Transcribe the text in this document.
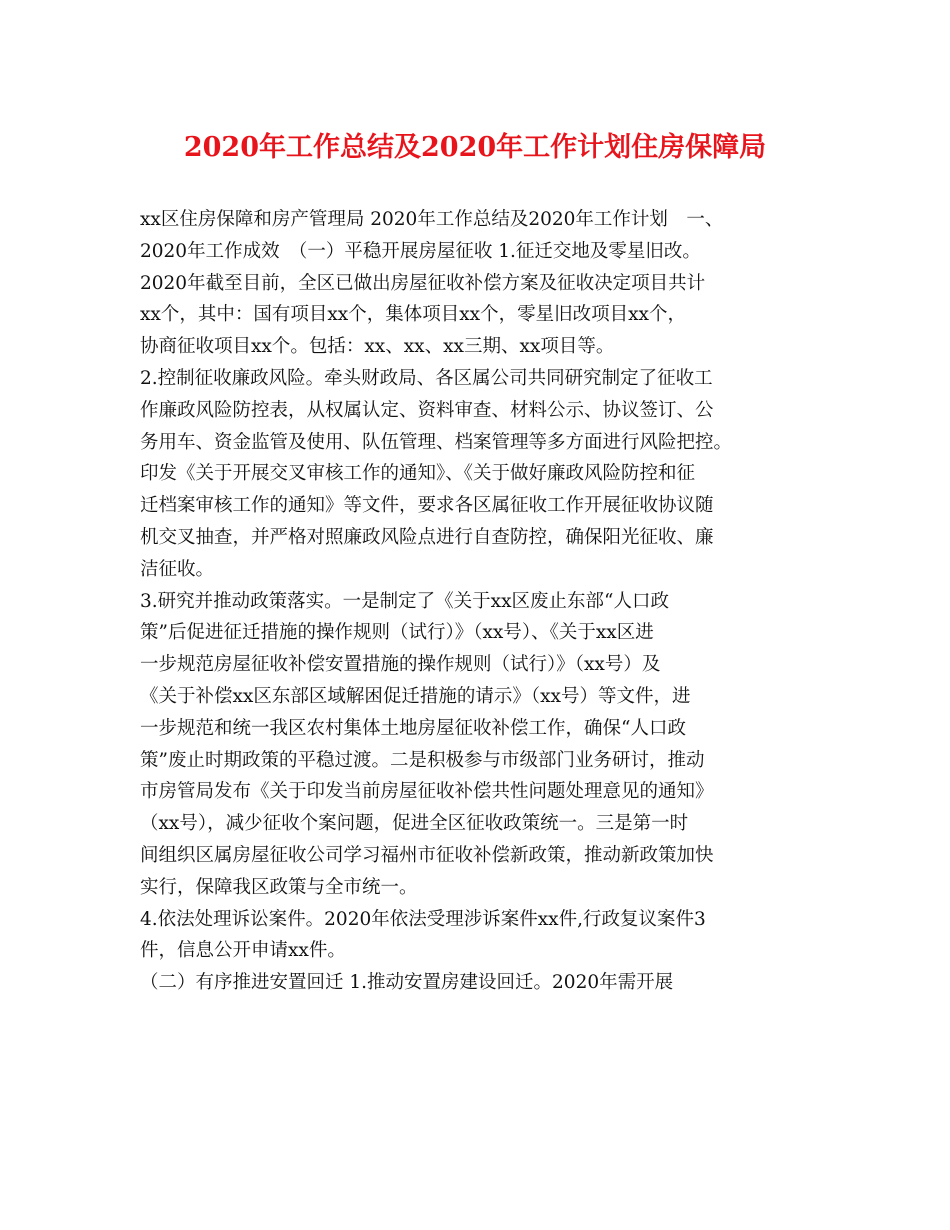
2020年工作总结及2020年工作计划住房保障局
xx区住房保障和房产管理局 2020年工作总结及2020年工作计划　一、
2020年工作成效　（一）平稳开展房屋征收 1.征迁交地及零星旧改。
2020年截至目前，全区已做出房屋征收补偿方案及征收决定项目共计
xx个，其中：国有项目xx个，集体项目xx个，零星旧改项目xx个，
协商征收项目xx个。包括：xx、xx、xx三期、xx项目等。
2.控制征收廉政风险。牵头财政局、各区属公司共同研究制定了征收工
作廉政风险防控表，从权属认定、资料审查、材料公示、协议签订、公
务用车、资金监管及使用、队伍管理、档案管理等多方面进行风险把控。
印发《关于开展交叉审核工作的通知》、《关于做好廉政风险防控和征
迁档案审核工作的通知》等文件，要求各区属征收工作开展征收协议随
机交叉抽查，并严格对照廉政风险点进行自查防控，确保阳光征收、廉
洁征收。
3.研究并推动政策落实。一是制定了《关于xx区废止东部“人口政
策”后促进征迁措施的操作规则（试行）》（xx号）、《关于xx区进
一步规范房屋征收补偿安置措施的操作规则（试行）》（xx号）及
《关于补偿xx区东部区域解困促迁措施的请示》（xx号）等文件，进
一步规范和统一我区农村集体土地房屋征收补偿工作，确保“人口政
策”废止时期政策的平稳过渡。二是积极参与市级部门业务研讨，推动
市房管局发布《关于印发当前房屋征收补偿共性问题处理意见的通知》
（xx号），减少征收个案问题，促进全区征收政策统一。三是第一时
间组织区属房屋征收公司学习福州市征收补偿新政策，推动新政策加快
实行，保障我区政策与全市统一。
4.依法处理诉讼案件。2020年依法受理涉诉案件xx件,行政复议案件3
件，信息公开申请xx件。
（二）有序推进安置回迁 1.推动安置房建设回迁。2020年需开展
